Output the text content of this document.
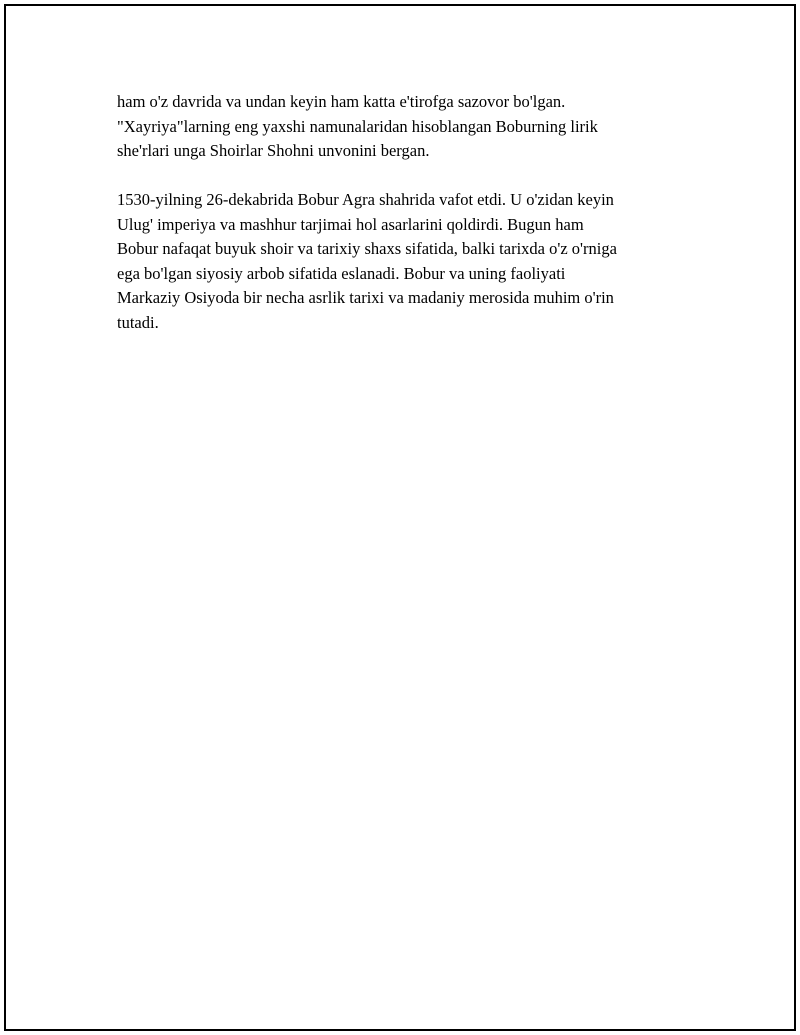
ham o'z davrida va undan keyin ham katta e'tirofga sazovor bo'lgan.
"Xayriya"larning eng yaxshi namunalaridan hisoblangan Boburning lirik
she'rlari unga Shoirlar Shohni unvonini bergan.

1530-yilning 26-dekabrida Bobur Agra shahrida vafot etdi. U o'zidan keyin
Ulug' imperiya va mashhur tarjimai hol asarlarini qoldirdi. Bugun ham
Bobur nafaqat buyuk shoir va tarixiy shaxs sifatida, balki tarixda o'z o'rniga
ega bo'lgan siyosiy arbob sifatida eslanadi. Bobur va uning faoliyati
Markaziy Osiyoda bir necha asrlik tarixi va madaniy merosida muhim o'rin
tutadi.
